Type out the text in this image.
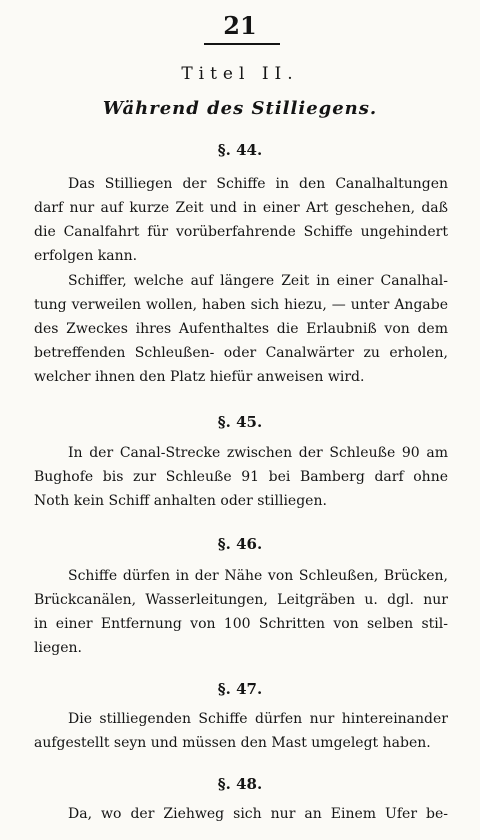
21
Titel II.
Während des Stilliegens.
§. 44.
Das Stilliegen der Schiffe in den Canalhaltungen
darf nur auf kurze Zeit und in einer Art geschehen, daß
die Canalfahrt für vorüberfahrende Schiffe ungehindert
erfolgen kann.
Schiffer, welche auf längere Zeit in einer Canalhal-
tung verweilen wollen, haben sich hiezu, — unter Angabe
des Zweckes ihres Aufenthaltes die Erlaubniß von dem
betreffenden Schleußen- oder Canalwärter zu erholen,
welcher ihnen den Platz hiefür anweisen wird.
§. 45.
In der Canal-Strecke zwischen der Schleuße 90 am
Bughofe bis zur Schleuße 91 bei Bamberg darf ohne
Noth kein Schiff anhalten oder stilliegen.
§. 46.
Schiffe dürfen in der Nähe von Schleußen, Brücken,
Brückcanälen, Wasserleitungen, Leitgräben u. dgl. nur
in einer Entfernung von 100 Schritten von selben stil-
liegen.
§. 47.
Die stilliegenden Schiffe dürfen nur hintereinander
aufgestellt seyn und müssen den Mast umgelegt haben.
§. 48.
Da, wo der Ziehweg sich nur an Einem Ufer be-
